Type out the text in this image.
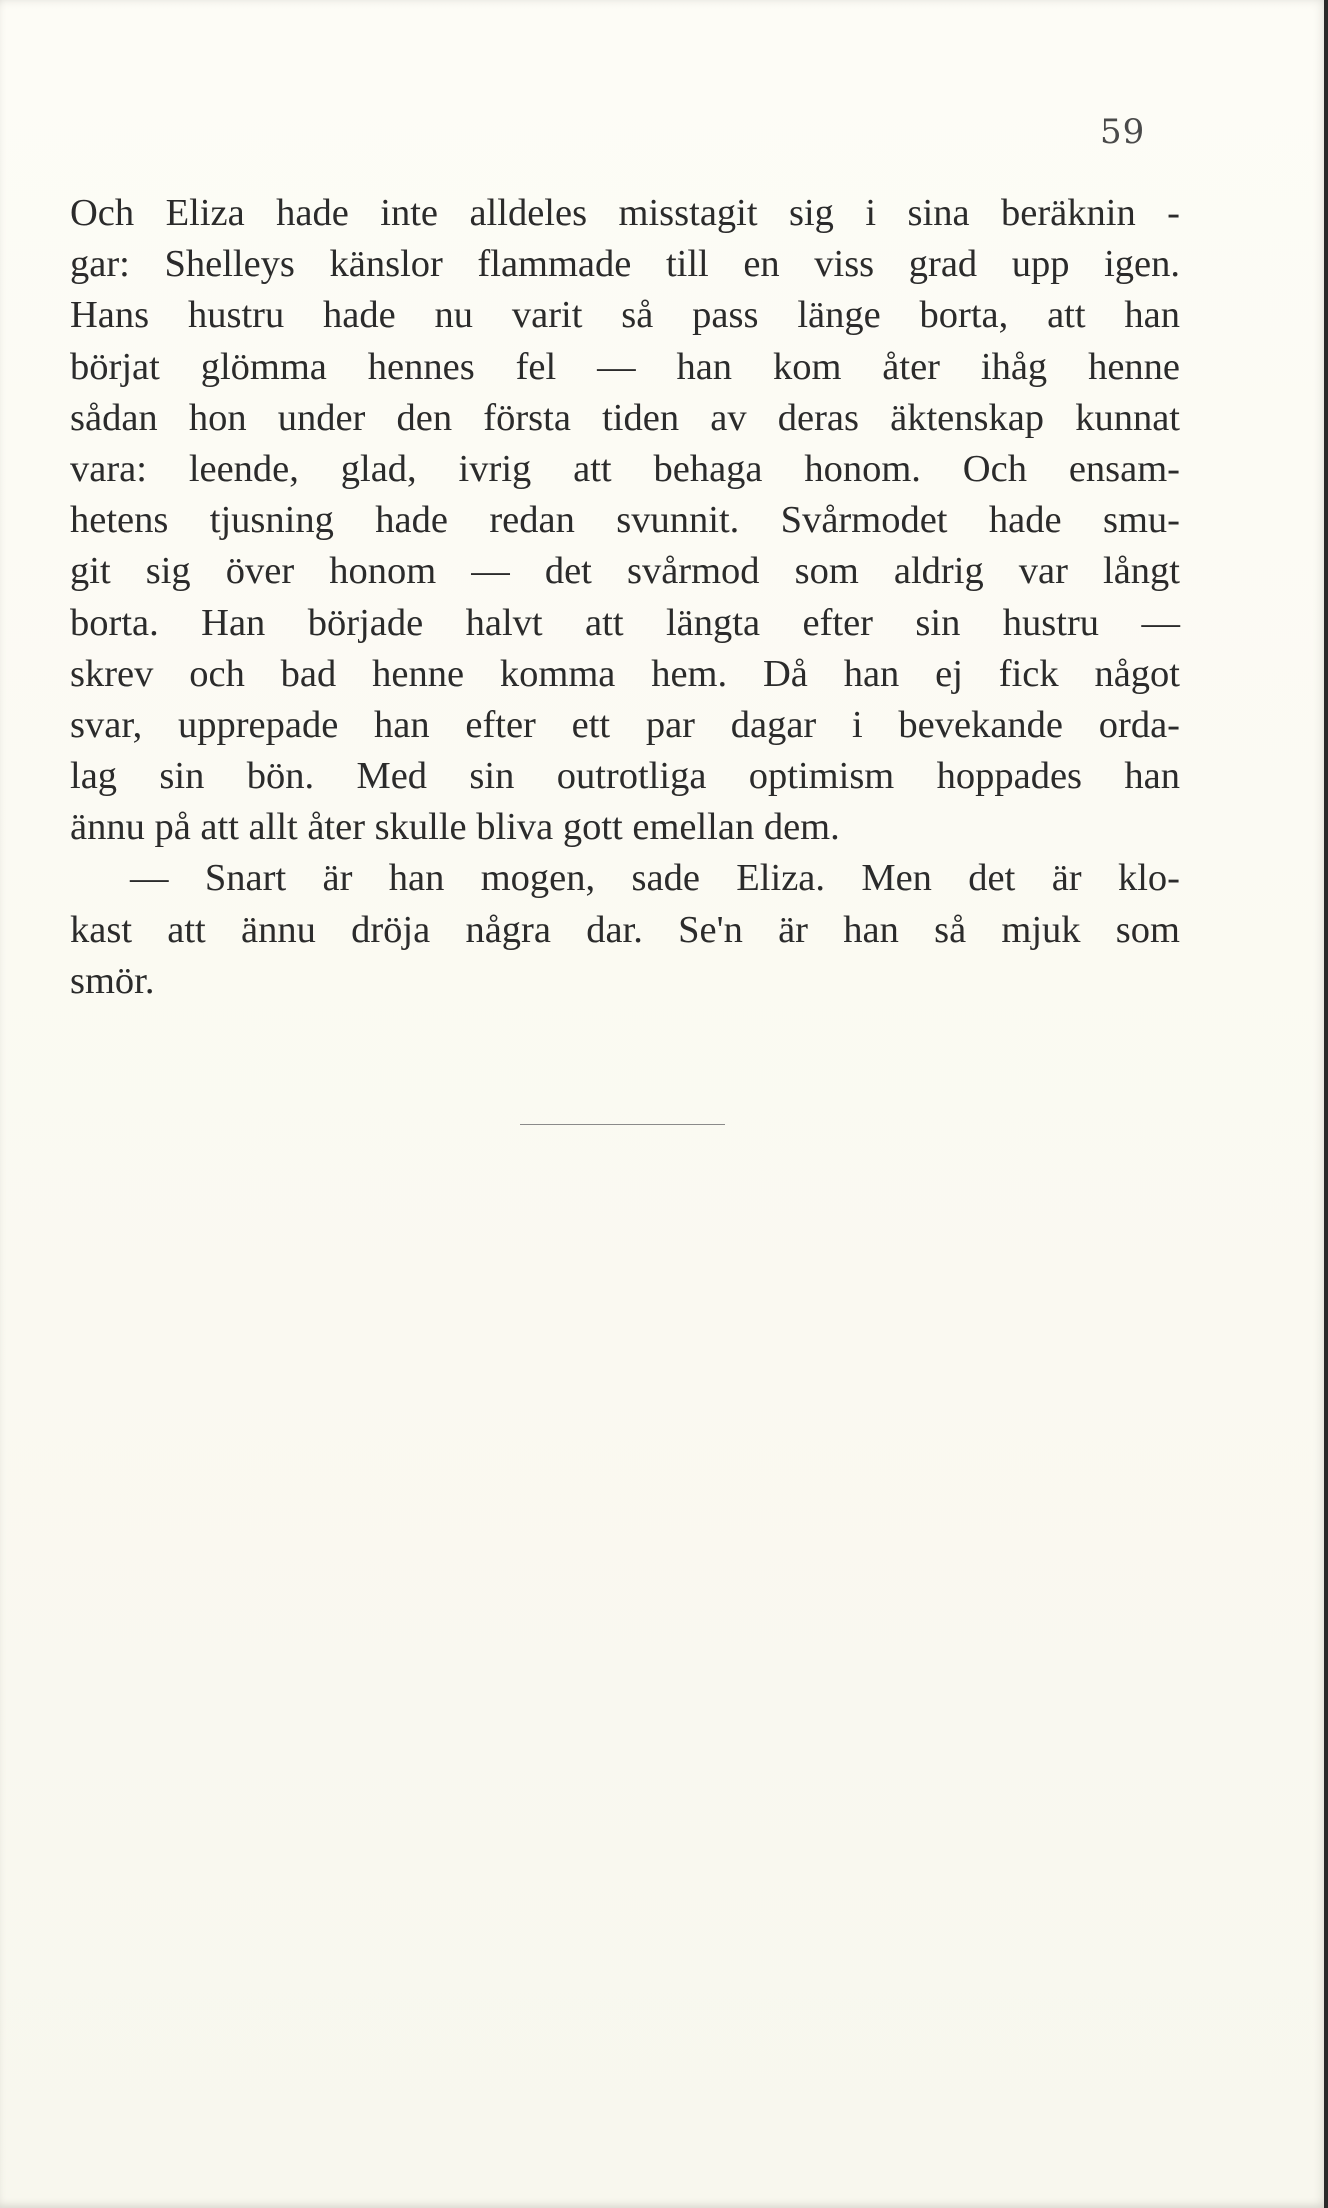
59
Och Eliza hade inte alldeles misstagit sig i sina beräknin -
gar: Shelleys känslor flammade till en viss grad upp igen.
Hans hustru hade nu varit så pass länge borta, att han
börjat glömma hennes fel — han kom åter ihåg henne
sådan hon under den första tiden av deras äktenskap kunnat
vara: leende, glad, ivrig att behaga honom. Och ensam-
hetens tjusning hade redan svunnit. Svårmodet hade smu-
git sig över honom — det svårmod som aldrig var långt
borta. Han började halvt att längta efter sin hustru —
skrev och bad henne komma hem. Då han ej fick något
svar, upprepade han efter ett par dagar i bevekande orda-
lag sin bön. Med sin outrotliga optimism hoppades han
ännu på att allt åter skulle bliva gott emellan dem.
— Snart är han mogen, sade Eliza. Men det är klo-
kast att ännu dröja några dar. Se'n är han så mjuk som
smör.
